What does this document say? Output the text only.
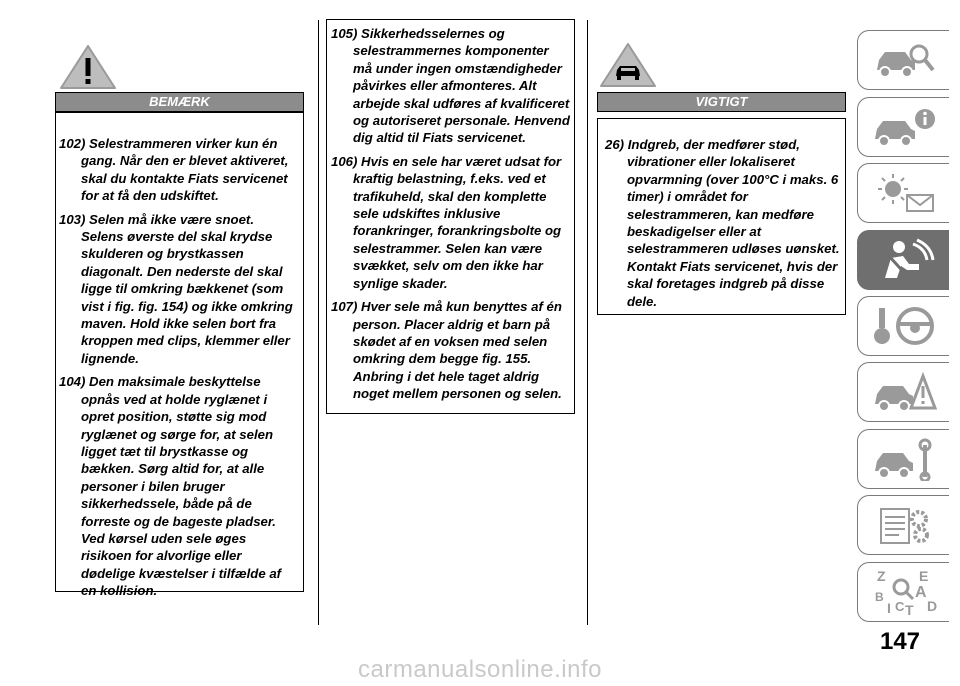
BEMÆRK

102) Selestrammeren virker kun én gang. Når den er blevet aktiveret, skal du kontakte Fiats servicenet for at få den udskiftet.

103) Selen må ikke være snoet. Selens øverste del skal krydse skulderen og brystkassen diagonalt. Den nederste del skal ligge til omkring bækkenet (som vist i fig. fig. 154) og ikke omkring maven. Hold ikke selen bort fra kroppen med clips, klemmer eller lignende.

104) Den maksimale beskyttelse opnås ved at holde ryglænet i opret position, støtte sig mod ryglænet og sørge for, at selen ligget tæt til brystkasse og bækken. Sørg altid for, at alle personer i bilen bruger sikkerhedssele, både på de forreste og de bageste pladser. Ved kørsel uden sele øges risikoen for alvorlige eller dødelige kvæstelser i tilfælde af en kollision.

105) Sikkerhedsselernes og selestrammernes komponenter må under ingen omstændigheder påvirkes eller afmonteres. Alt arbejde skal udføres af kvalificeret og autoriseret personale. Henvend dig altid til Fiats servicenet.

106) Hvis en sele har været udsat for kraftig belastning, f.eks. ved et trafikuheld, skal den komplette sele udskiftes inklusive forankringer, forankringsbolte og selestrammer. Selen kan være svækket, selv om den ikke har synlige skader.

107) Hver sele må kun benyttes af én person. Placer aldrig et barn på skødet af en voksen med selen omkring dem begge fig. 155. Anbring i det hele taget aldrig noget mellem personen og selen.

VIGTIGT

26) Indgreb, der medfører stød, vibrationer eller lokaliseret opvarmning (over 100°C i maks. 6 timer) i området for selestrammeren, kan medføre beskadigelser eller at selestrammeren udløses uønsket. Kontakt Fiats servicenet, hvis der skal foretages indgreb på disse dele.

Z E
A
B
I C T D
147
carmanualsonline.info
